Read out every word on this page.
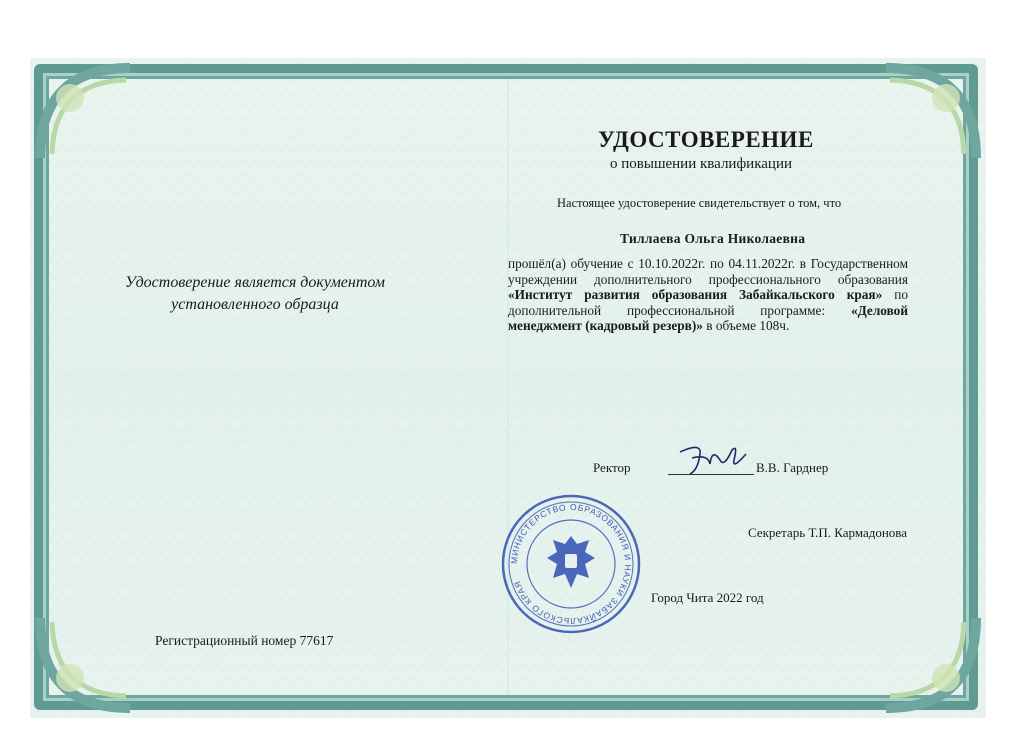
Удостоверение является документом
установленного образца
Регистрационный номер 77617
УДОСТОВЕРЕНИЕ
о повышении квалификации
Настоящее удостоверение свидетельствует о том, что
Тиллаева Ольга Николаевна
прошёл(а) обучение с 10.10.2022г. по 04.11.2022г. в Государственном учреждении дополнительного профессионального образования «Институт развития образования Забайкальского края» по дополнительной профессиональной программе: «Деловой менеджмент (кадровый резерв)» в объеме 108ч.
Ректор	В.В. Гарднер
Секретарь Т.П. Кармадонова
Город Чита 2022 год
МИНИСТЕРСТВО ОБРАЗОВАНИЯ И НАУКИ ЗАБАЙКАЛЬСКОГО КРАЯ
